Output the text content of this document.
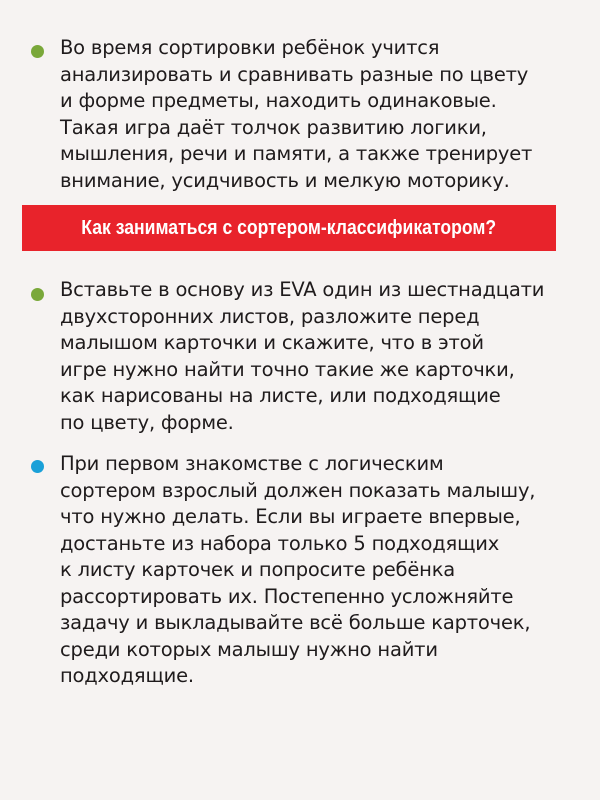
Во время сортировки ребёнок учится
анализировать и сравнивать разные по цвету
и форме предметы, находить одинаковые.
Такая игра даёт толчок развитию логики,
мышления, речи и памяти, а также тренирует
внимание, усидчивость и мелкую моторику.
Как заниматься с сортером-классификатором?
Вставьте в основу из EVA один из шестнадцати
двухсторонних листов, разложите перед
малышом карточки и скажите, что в этой
игре нужно найти точно такие же карточки,
как нарисованы на листе, или подходящие
по цвету, форме.
При первом знакомстве с логическим
сортером взрослый должен показать малышу,
что нужно делать. Если вы играете впервые,
достаньте из набора только 5 подходящих
к листу карточек и попросите ребёнка
рассортировать их. Постепенно усложняйте
задачу и выкладывайте всё больше карточек,
среди которых малышу нужно найти
подходящие.
